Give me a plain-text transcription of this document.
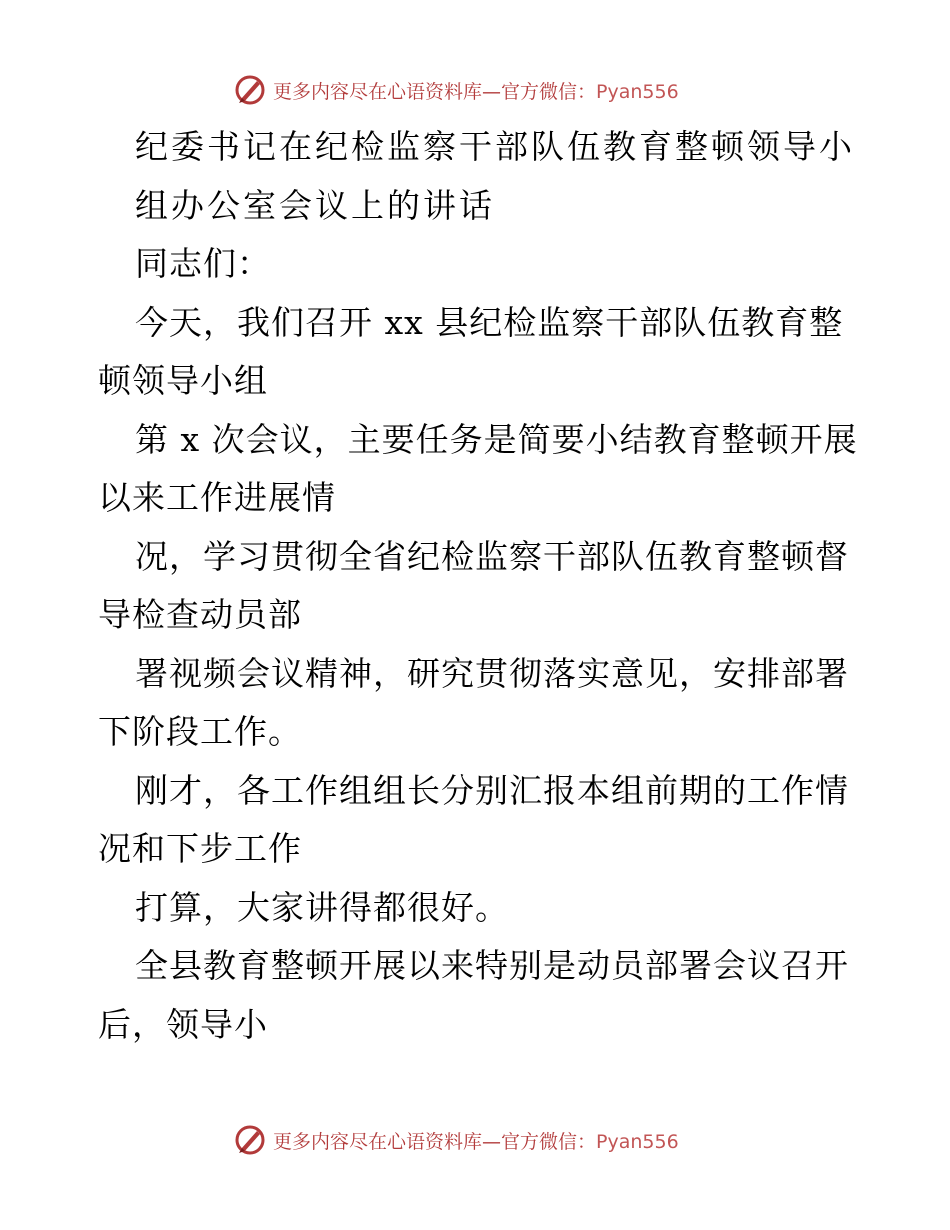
更多内容尽在心语资料库—官方微信：Pyan556
纪委书记在纪检监察干部队伍教育整顿领导小
组办公室会议上的讲话
同志们：
今天，我们召开 xx 县纪检监察干部队伍教育整
顿领导小组
第 x 次会议，主要任务是简要小结教育整顿开展
以来工作进展情
况，学习贯彻全省纪检监察干部队伍教育整顿督
导检查动员部
署视频会议精神，研究贯彻落实意见，安排部署
下阶段工作。
刚才，各工作组组长分别汇报本组前期的工作情
况和下步工作
打算，大家讲得都很好。
全县教育整顿开展以来特别是动员部署会议召开
后，领导小
更多内容尽在心语资料库—官方微信：Pyan556
